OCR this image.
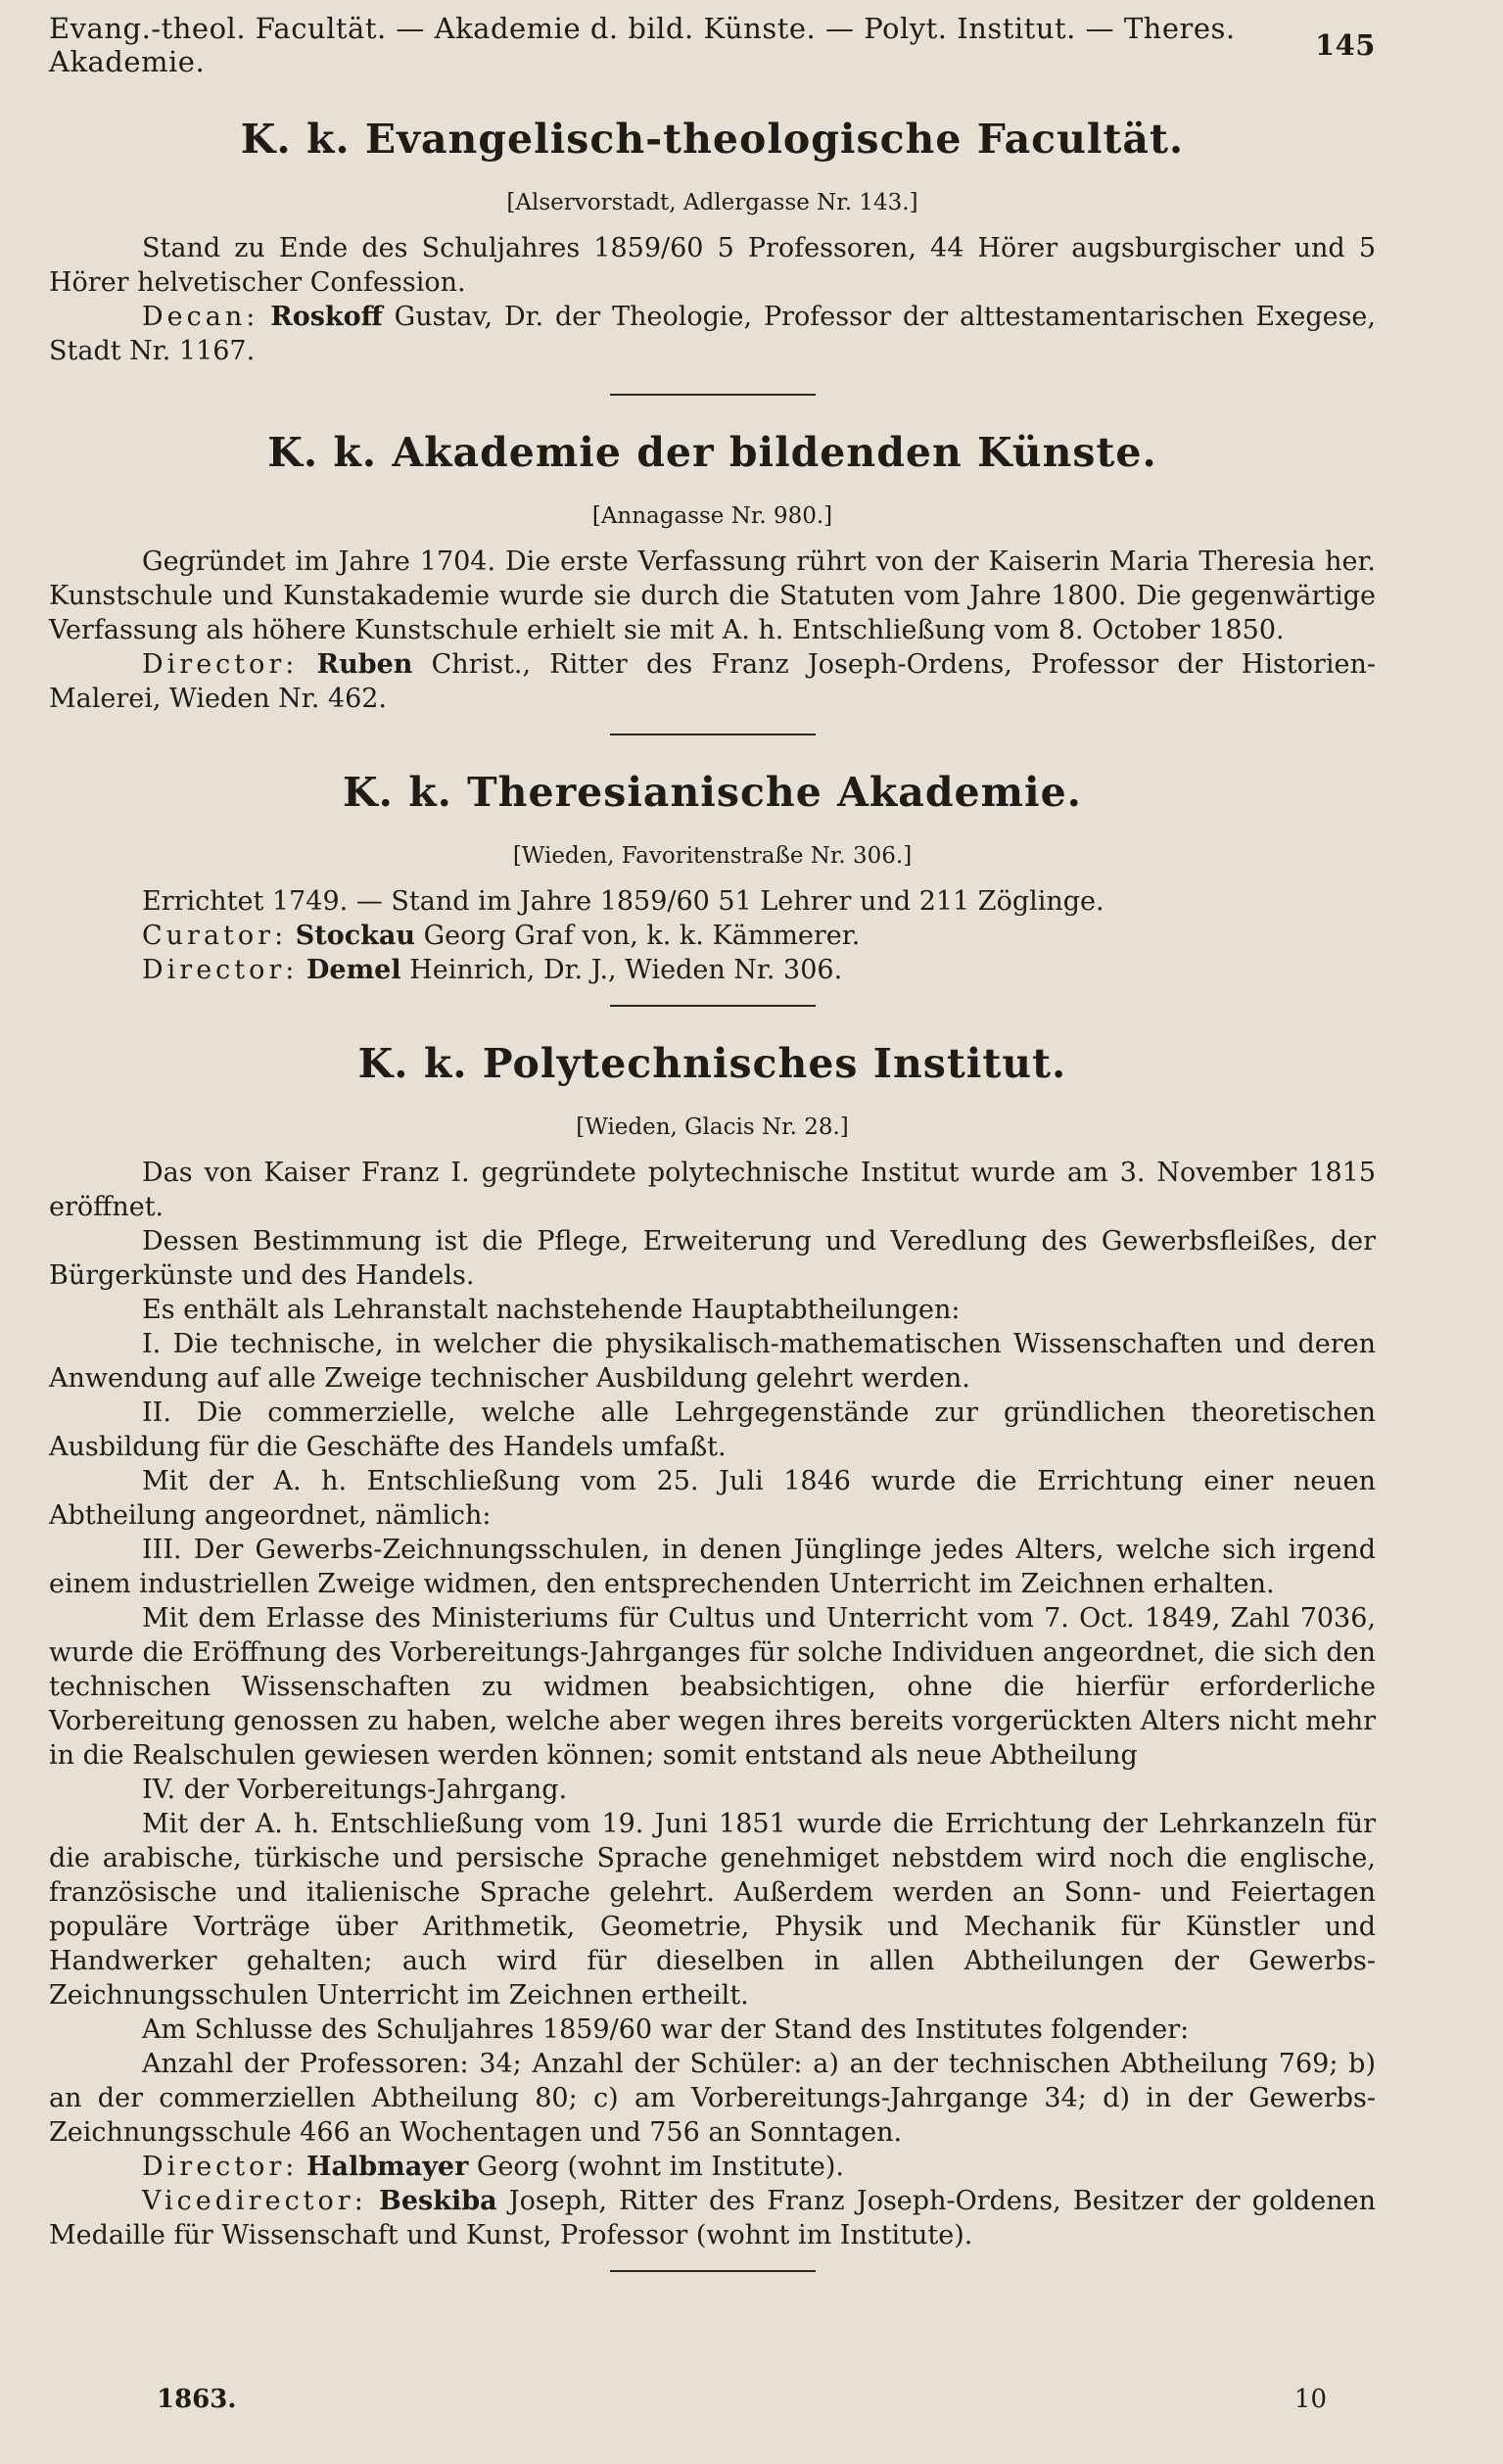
Evang.-theol. Facultät. — Akademie d. bild. Künste. — Polyt. Institut. — Theres. Akademie.	145
K. k. Evangelisch-theologische Facultät.
[Alservorstadt, Adlergasse Nr. 143.]

Stand zu Ende des Schuljahres 1859/60 5 Professoren, 44 Hörer augsburgischer und 5 Hörer helvetischer Confession.

Decan: Roskoff Gustav, Dr. der Theologie, Professor der alttestamentarischen Exegese, Stadt Nr. 1167.

K. k. Akademie der bildenden Künste.
[Annagasse Nr. 980.]

Gegründet im Jahre 1704. Die erste Verfassung rührt von der Kaiserin Maria Theresia her. Kunstschule und Kunstakademie wurde sie durch die Statuten vom Jahre 1800. Die gegenwärtige Verfassung als höhere Kunstschule erhielt sie mit A. h. Entschließung vom 8. October 1850.

Director: Ruben Christ., Ritter des Franz Joseph-Ordens, Professor der Historien-Malerei, Wieden Nr. 462.

K. k. Theresianische Akademie.
[Wieden, Favoritenstraße Nr. 306.]

Errichtet 1749. — Stand im Jahre 1859/60 51 Lehrer und 211 Zöglinge.

Curator: Stockau Georg Graf von, k. k. Kämmerer.

Director: Demel Heinrich, Dr. J., Wieden Nr. 306.

K. k. Polytechnisches Institut.
[Wieden, Glacis Nr. 28.]

Das von Kaiser Franz I. gegründete polytechnische Institut wurde am 3. November 1815 eröffnet.

Dessen Bestimmung ist die Pflege, Erweiterung und Veredlung des Gewerbsfleißes, der Bürgerkünste und des Handels.

Es enthält als Lehranstalt nachstehende Hauptabtheilungen:

I. Die technische, in welcher die physikalisch-mathematischen Wissenschaften und deren Anwendung auf alle Zweige technischer Ausbildung gelehrt werden.

II. Die commerzielle, welche alle Lehrgegenstände zur gründlichen theoretischen Ausbildung für die Geschäfte des Handels umfaßt.

Mit der A. h. Entschließung vom 25. Juli 1846 wurde die Errichtung einer neuen Abtheilung angeordnet, nämlich:

III. Der Gewerbs-Zeichnungsschulen, in denen Jünglinge jedes Alters, welche sich irgend einem industriellen Zweige widmen, den entsprechenden Unterricht im Zeichnen erhalten.

Mit dem Erlasse des Ministeriums für Cultus und Unterricht vom 7. Oct. 1849, Zahl 7036, wurde die Eröffnung des Vorbereitungs-Jahrganges für solche Individuen angeordnet, die sich den technischen Wissenschaften zu widmen beabsichtigen, ohne die hierfür erforderliche Vorbereitung genossen zu haben, welche aber wegen ihres bereits vorgerückten Alters nicht mehr in die Realschulen gewiesen werden können; somit entstand als neue Abtheilung

IV. der Vorbereitungs-Jahrgang.

Mit der A. h. Entschließung vom 19. Juni 1851 wurde die Errichtung der Lehrkanzeln für die arabische, türkische und persische Sprache genehmiget nebstdem wird noch die englische, französische und italienische Sprache gelehrt. Außerdem werden an Sonn- und Feiertagen populäre Vorträge über Arithmetik, Geometrie, Physik und Mechanik für Künstler und Handwerker gehalten; auch wird für dieselben in allen Abtheilungen der Gewerbs-Zeichnungsschulen Unterricht im Zeichnen ertheilt.

Am Schlusse des Schuljahres 1859/60 war der Stand des Institutes folgender:

Anzahl der Professoren: 34; Anzahl der Schüler: a) an der technischen Abtheilung 769; b) an der commerziellen Abtheilung 80; c) am Vorbereitungs-Jahrgange 34; d) in der Gewerbs-Zeichnungsschule 466 an Wochentagen und 756 an Sonntagen.

Director: Halbmayer Georg (wohnt im Institute).

Vicedirector: Beskiba Joseph, Ritter des Franz Joseph-Ordens, Besitzer der goldenen Medaille für Wissenschaft und Kunst, Professor (wohnt im Institute).

1863.	10
